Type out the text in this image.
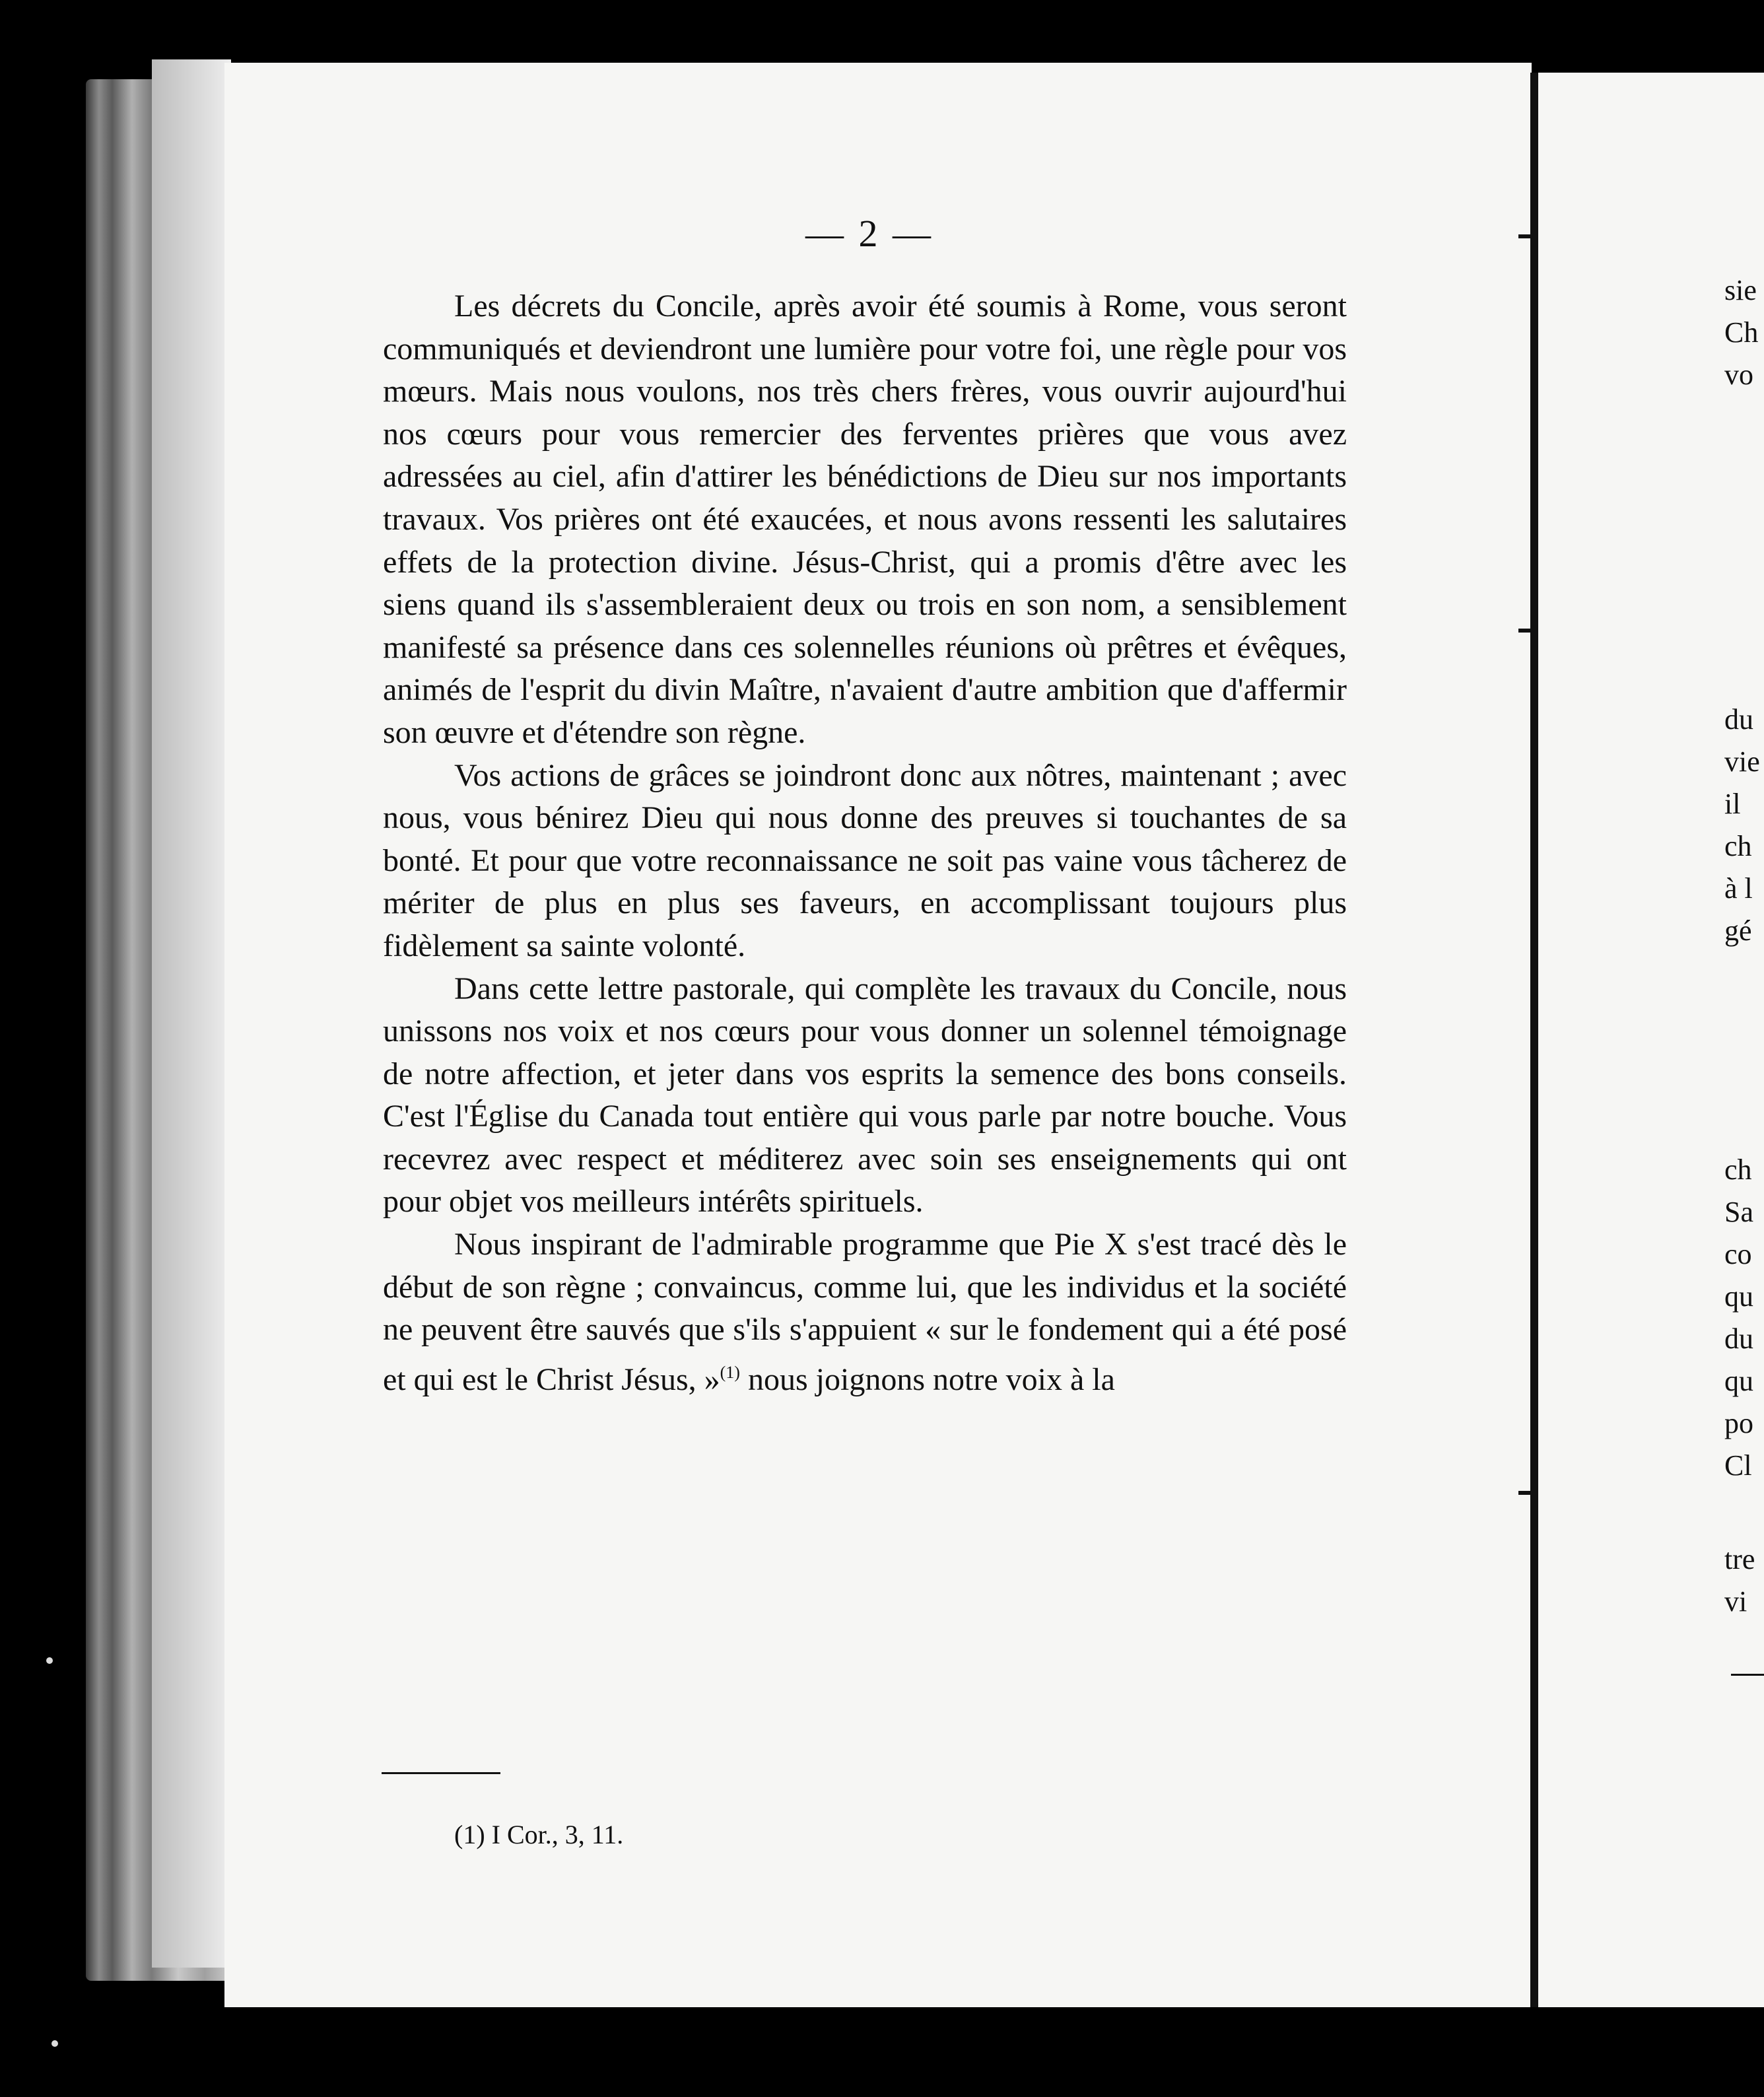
— 2 —

Les décrets du Concile, après avoir été soumis à Rome, vous seront communiqués et deviendront une lumière pour votre foi, une règle pour vos mœurs. Mais nous voulons, nos très chers frères, vous ouvrir aujourd'hui nos cœurs pour vous remercier des ferventes prières que vous avez adressées au ciel, afin d'attirer les bénédictions de Dieu sur nos importants travaux. Vos prières ont été exaucées, et nous avons ressenti les salutaires effets de la protection divine. Jésus-Christ, qui a promis d'être avec les siens quand ils s'assembleraient deux ou trois en son nom, a sensiblement manifesté sa présence dans ces solennelles réunions où prêtres et évêques, animés de l'esprit du divin Maître, n'avaient d'autre ambition que d'affermir son œuvre et d'étendre son règne.

Vos actions de grâces se joindront donc aux nôtres, maintenant ; avec nous, vous bénirez Dieu qui nous donne des preuves si touchantes de sa bonté. Et pour que votre reconnaissance ne soit pas vaine vous tâcherez de mériter de plus en plus ses faveurs, en accomplissant toujours plus fidèlement sa sainte volonté.

Dans cette lettre pastorale, qui complète les travaux du Concile, nous unissons nos voix et nos cœurs pour vous donner un solennel témoignage de notre affection, et jeter dans vos esprits la semence des bons conseils. C'est l'Église du Canada tout entière qui vous parle par notre bouche. Vous recevrez avec respect et méditerez avec soin ses enseignements qui ont pour objet vos meilleurs intérêts spirituels.

Nous inspirant de l'admirable programme que Pie X s'est tracé dès le début de son règne ; convaincus, comme lui, que les individus et la société ne peuvent être sauvés que s'ils s'appuient « sur le fondement qui a été posé et qui est le Christ Jésus, »$^{(1)}$ nous joignons notre voix à la

(1) I Cor., 3, 11.
sie
Ch
vo
du
vie
il
ch
à l
gé
ch
Sa
co
qu
du
qu
po
Cl
tre
vi
